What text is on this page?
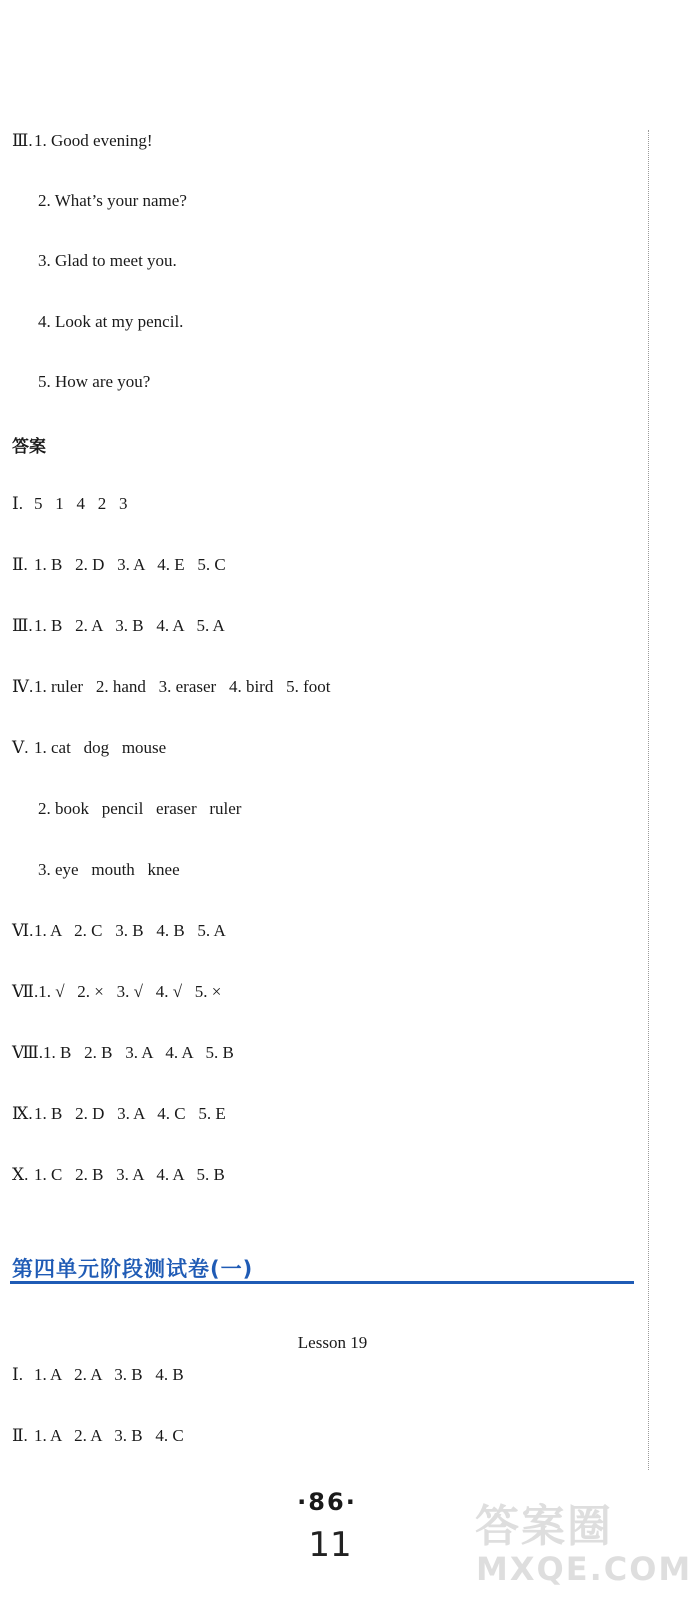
Ⅲ.1. Good evening!
2. What’s your name?
3. Glad to meet you.
4. Look at my pencil.
5. How are you?
答案
Ⅰ. 5   1   4   2   3
Ⅱ. 1. B   2. D   3. A   4. E   5. C
Ⅲ.1. B   2. A   3. B   4. A   5. A
Ⅳ.1. ruler   2. hand   3. eraser   4. bird   5. foot
Ⅴ. 1. cat   dog   mouse
2. book   pencil   eraser   ruler
3. eye   mouth   knee
Ⅵ.1. A   2. C   3. B   4. B   5. A
Ⅶ.1. √   2. ×   3. √   4. √   5. ×
Ⅷ.1. B   2. B   3. A   4. A   5. B
Ⅸ.1. B   2. D   3. A   4. C   5. E
Ⅹ. 1. C   2. B   3. A   4. A   5. B
第四单元阶段测试卷(一)
Lesson 19
Ⅰ. 1. A   2. A   3. B   4. B
Ⅱ. 1. A   2. A   3. B   4. C
·86·
11	答案圈
MXQE.COM
